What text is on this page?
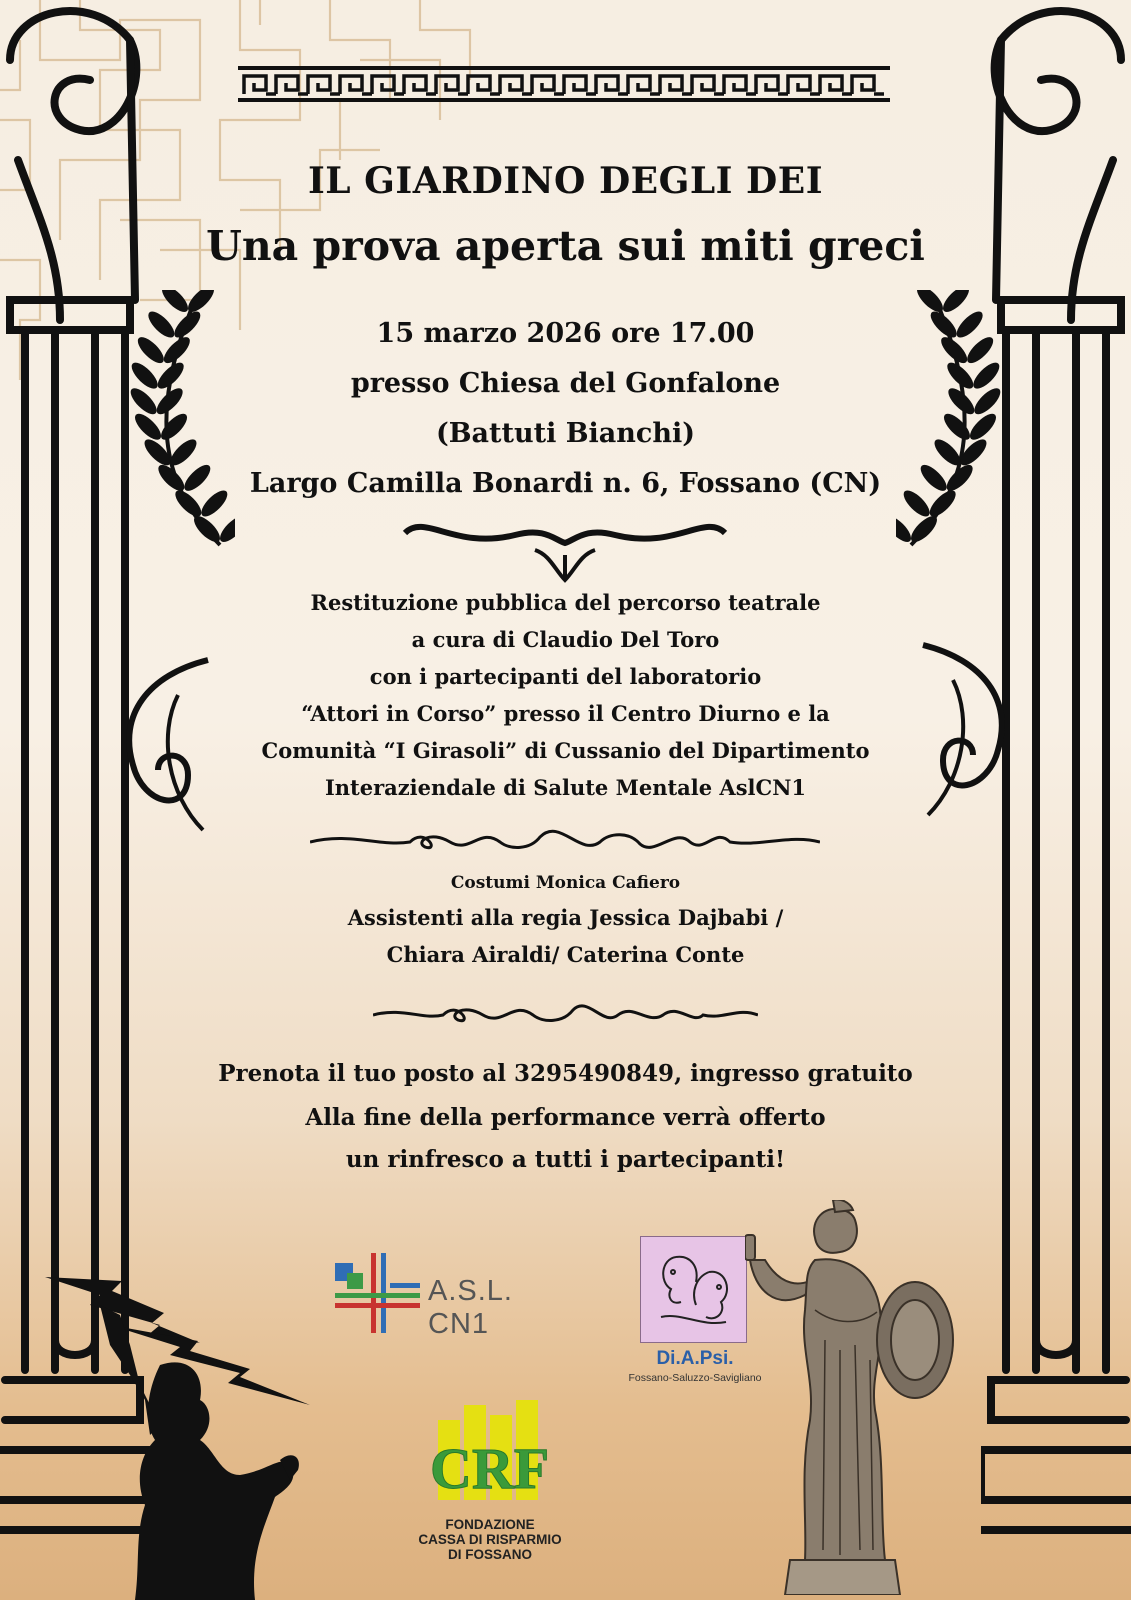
IL GIARDINO DEGLI DEI
Una prova aperta sui miti greci
15 marzo 2026 ore 17.00
presso Chiesa del Gonfalone
(Battuti Bianchi)
Largo Camilla Bonardi n. 6, Fossano (CN)
Restituzione pubblica del percorso teatrale
a cura di Claudio Del Toro
con i partecipanti del laboratorio
“Attori in Corso” presso il Centro Diurno e la
Comunità “I Girasoli” di Cussanio del Dipartimento
Interaziendale di Salute Mentale AslCN1
Costumi Monica Cafiero
Assistenti alla regia Jessica Dajbabi /
Chiara Airaldi/ Caterina Conte
Prenota il tuo posto al 3295490849, ingresso gratuito
Alla fine della performance verrà offerto
un rinfresco a tutti i partecipanti!
A.S.L. CN1
Di.A.Psi.
Fossano-Saluzzo-Savigliano
CRF
FONDAZIONE
CASSA DI RISPARMIO
DI FOSSANO
